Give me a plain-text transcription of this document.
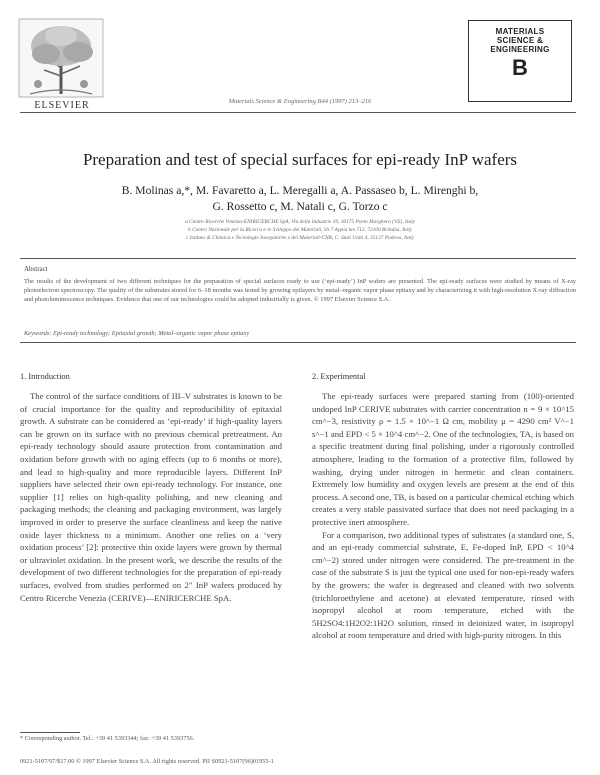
ELSEVIER	Materials Science & Engineering B44 (1997) 213–216
MATERIALS
SCIENCE &
ENGINEERING
B
Preparation and test of special surfaces for epi-ready InP wafers
B. Molinas a,*, M. Favaretto a, L. Meregalli a, A. Passaseo b, L. Mirenghi b,
G. Rossetto c, M. Natali c, G. Torzo c
a Centro Ricerche Venezia-ENIRICERCHE SpA, Via della Industrie 39, 30175 Porto Marghera (VE), Italy
b Centro Nazionale per la Ricerca e lo Sviluppo dei Materiali, SS 7 Appia km 712, 72100 Brindisi, Italy
c Istituto di Chimica e Tecnologie Inorganiche e dei Materiali-CNR, C. Stati Uniti 4, 35127 Padova, Italy
Abstract
The results of the development of two different techniques for the preparation of special surfaces ready to use (‘epi-ready’) InP wafers are presented. The epi-ready surfaces were studied by means of X-ray photoelectron spectroscopy. The quality of the substrates stored for 6–18 months was tested by growing epilayers by metal–organic vapor phase epitaxy and by characterizing it with high-resolution X-ray diffraction and photoluminescence techniques. Evidence that one of our technologies could be adopted industrially is given. © 1997 Elsevier Science S.A.
Keywords: Epi-ready technology; Epitaxial growth; Metal–organic vapor phase epitaxy
1. Introduction
The control of the surface conditions of III–V substrates is known to be of crucial importance for the quality and reproducibility of epitaxial growth. A substrate can be considered as ‘epi-ready’ if high-quality layers can be grown on its surface with no previous chemical pretreatment. An epi-ready technology should assure protection from contamination and oxidation before growth with no aging effects (up to 6 months or more), and lead to high-quality and more reproducible layers. Different InP suppliers have selected their own epi-ready technology. For instance, one supplier [1] relies on high-quality polishing, and new cleaning and packaging methods; the cleaning and packaging environment, was largely improved in order to preserve the surface cleanliness and keep the native oxide layer thickness to a minimum. Another one relies on a ‘very oxidation process’ [2]: protective thin oxide layers were grown by thermal or ultraviolet oxidation. In the present work, we describe the results of the development of two different technologies for the preparation of epi-ready surfaces, evolved from studies performed on 2" InP wafers produced by Centro Ricerche Venezia (CERIVE)—ENIRICERCHE SpA.
2. Experimental

The epi-ready surfaces were prepared starting from (100)-oriented undoped InP CERIVE substrates with carrier concentration n = 9 × 10^15 cm^−3, resistivity ρ = 1.5 × 10^−1 Ω cm, mobility μ = 4290 cm² V^−1 s^−1 and EPD < 5 × 10^4 cm^−2. One of the technologies, TA, is based on a specific treatment during final polishing, under a rigorously controlled atmosphere, leading to the formation of a protective film, followed by washing, drying under nitrogen in hermetic and clean containers. Extremely low humidity and oxygen levels are present at the end of this process. A second one, TB, is based on a particular chemical etching which creates a very stable passivated surface that does not need packaging in a protective inert atmosphere.

For a comparison, two additional types of substrates (a standard one, S, and an epi-ready commercial substrate, E, Fe-doped InP, EPD < 10^4 cm^−2) stored under nitrogen were considered. The pre-treatment in the case of the substrate S is just the typical one used for non-epi-ready wafers by the growers: the wafer is degreased and cleaned with two solvents (trichloroethylene and acetone) at elevated temperature, rinsed with isopropyl alcohol at room temperature, etched with the 5H2SO4:1H2O2:1H2O solution, rinsed in deionized water, in isopropyl alcohol at room temperature and dried with high-purity nitrogen. In this

* Corresponding author. Tel.: +39 41 5393344; fax: +39 41 5393756.
0921-5107/97/$17.00 © 1997 Elsevier Science S.A. All rights reserved. PII S0921-5107(96)01955-1
